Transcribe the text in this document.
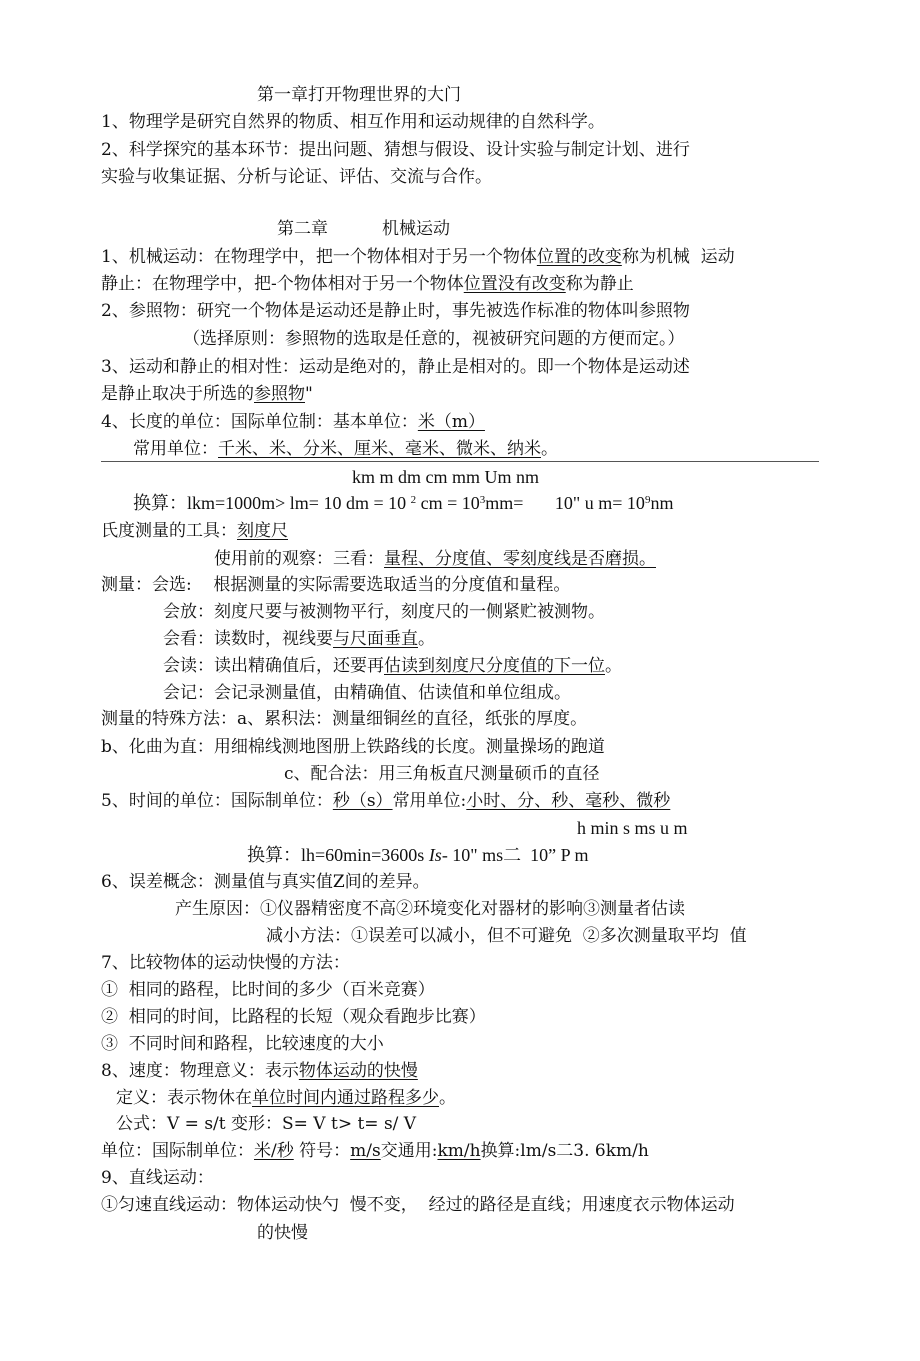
第一章打开物理世界的大门
1、物理学是研究自然界的物质、相互作用和运动规律的自然科学。
2、科学探究的基本环节：提出问题、猜想与假设、设计实验与制定计划、进行
实验与收集证据、分析与论证、评估、交流与合作。
第二章          机械运动
1、机械运动：在物理学中，把一个物体相对于另一个物体位置的改变称为机械  运动
静止：在物理学中，把-个物体相对于另一个物体位置没有改变称为静止
2、参照物：研究一个物体是运动还是静止时，事先被选作标准的物体叫参照物
（选择原则：参照物的选取是任意的，视被研究问题的方便而定。）
3、运动和静止的相对性：运动是绝对的，静止是相对的。即一个物体是运动述
是静止取决于所选的参照物"
4、长度的单位：国际单位制：基本单位：米（m）
常用单位：千米、米、分米、厘米、毫米、微米、纳米。
km m dm cm mm Um nm
换算：lkm=1000m> lm= 10 dm = 10 $^2$ cm = $10^3mm=$       10" u $m= 10^9nm$
氏度测量的工具：刻度尺
使用前的观察：三看：量程、分度值、零刻度线是否磨损。
测量：会选:    根据测量的实际需要选取适当的分度值和量程。
会放：刻度尺要与被测物平行，刻度尺的一侧紧贮被测物。
会看：读数时，视线要与尺面垂直。
会读：读出精确值后，还要再估读到刻度尺分度值的下一位。
会记：会记录测量值，由精确值、估读值和单位组成。
测量的特殊方法：a、累积法：测量细铜丝的直径，纸张的厚度。
b、化曲为直：用细棉线测地图册上铁路线的长度。测量操场的跑道
c、配合法：用三角板直尺测量硕币的直径
5、时间的单位：国际制单位：秒（s）常用单位:小时、分、秒、毫秒、微秒
h min s ms u m
换算：lh=60min=3600s Is- 10" ms二  10” P m
6、误差概念：测量值与真实值Z间的差异。
产生原因：①仪器精密度不高②环境变化对器材的影响③测量者估读
减小方法：①误差可以减小，但不可避免  ②多次测量取平均  值
7、比较物体的运动快慢的方法：
①  相同的路程，比时间的多少（百米竞赛）
②  相同的时间，比路程的长短（观众看跑步比赛）
③  不同时间和路程，比较速度的大小
8、速度：物理意义：表示物体运动的快慢
定义：表示物休在单位时间内通过路程多少。
公式：V = s/t 变形：S= V t> t= s/ V
单位：国际制单位：米/秒 符号：m/s交通用:km/h换算:lm/s二3. 6km/h
9、直线运动：
①匀速直线运动：物体运动快勺  慢不变，  经过的路径是直线；用速度衣示物体运动
的快慢
